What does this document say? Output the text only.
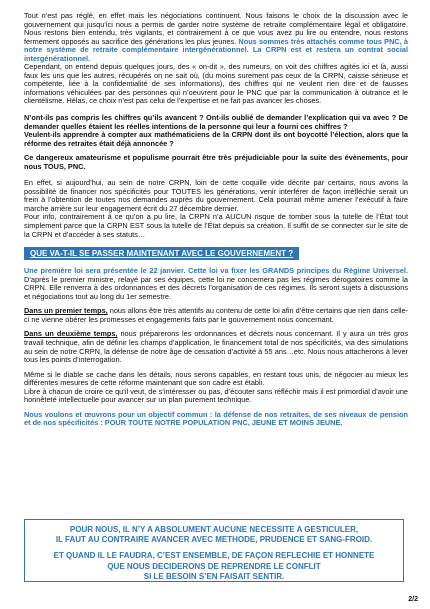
Tout n’est pas réglé, en effet mais les négociations continuent. Nous faisons le choix de la discussion avec le gouvernement qui jusqu’ici nous a permis de garder notre système de retraite complémentaire légal et obligatoire. Nous restons bien entendu, très vigilants, et contrairement à ce que vous avez pu lire ou entendre, nous restons fermement opposés au sacrifice des générations les plus jeunes. Nous sommes très attachés comme tous PNC, à notre système de retraite complémentaire intergénérationnel. La CRPN est et restera un contrat social intergénérationnel.

Cependant, on entend depuis quelques jours, des « on-dit », des rumeurs, on voit des chiffres agités ici et là, aussi faux les uns que les autres, récupérés on ne sait où, (du moins surement pas ceux de la CRPN, caisse sérieuse et compétente, liée à la confidentialité de ses informations), des chiffres qui ne veulent rien dire et de fausses informations véhiculées par des personnes qui n’oeuvrent pour le PNC que par la communication à outrance et le clientélisme. Hélas, ce choix n’est pas celui de l’expertise et ne fait pas avancer les choses.

N’ont-ils pas compris les chiffres qu’ils avancent ? Ont-ils oublié de demander l’explication qui va avec ? De demander quelles étaient les réelles intentions de la personne qui leur a fourni ces chiffres ?

Veulent-ils apprendre à compter aux mathématiciens de la CRPN dont ils ont boycotté l’élection, alors que la réforme des retraites était déjà annoncée ?

Ce dangereux amateurisme et populisme pourrait être très préjudiciable pour la suite des évènements, pour nous TOUS, PNC.

En effet, si aujourd’hui, au sein de notre CRPN, loin de cette coquille vide décrite par certains, nous avons la possibilité de financer nos spécificités pour TOUTES les générations, venir interférer de façon irréfléchie serait un frein à l’obtention de toutes nos demandes auprès du gouvernement. Cela pourrait même amener l’exécutif à faire marche arrière sur leur engagement écrit du 27 décembre dernier.

Pour info, contrairement à ce qu’on a pu lire, la CRPN n’a AUCUN risque de tomber sous la tutelle de l’État tout simplement parce que la CRPN EST sous la tutelle de l’État depuis sa création. Il suffit de se connecter sur le site de la CRPN et d’accéder à ses statuts…

QUE VA-T-IL SE PASSER MAINTENANT AVEC LE GOUVERNEMENT ?

Une première loi sera présentée le 22 janvier. Cette loi va fixer les GRANDS principes du Régime Universel. D’après le premier ministre, relayé par ses équipes, cette loi ne concernera pas les régimes dérogatoires comme la CRPN. Elle renverra à des ordonnances et des décrets l’organisation de ces régimes. Ils seront sujets à discussions et négociations tout au long du 1er semestre.

Dans un premier temps, nous allons être très attentifs au contenu de cette loi afin d’être certains que rien dans celle-ci ne vienne obérer les promesses et engagements faits par le gouvernement nous concernant.

Dans un deuxième temps, nous préparerons les ordonnances et décrets nous concernant. Il y aura un très gros travail technique, afin de définir les champs d’application, le financement total de nos spécificités, via des simulations au sein de notre CRPN, la défense de notre âge de cessation d’activité à 55 ans…etc. Nous nous attacherons à lever tous les points d’interrogation.

Même si le diable se cache dans les détails, nous serons capables, en restant tous unis, de négocier au mieux les différentes mesures de cette réforme maintenant que son cadre est établi.

Libre à chacun de croire ce qu’il veut, de s’intéresser ou pas, d’écouter sans réfléchir mais il est primordial d’avoir une honnêteté intellectuelle pour avancer sur un plan purement technique.

Nous voulons et œuvrons pour un objectif commun : la défense de nos retraites, de ses niveaux de pension et de nos spécificités : POUR TOUTE NOTRE POPULATION PNC, JEUNE ET MOINS JEUNE.

POUR NOUS, IL N’Y A ABSOLUMENT AUCUNE NECESSITE A GESTICULER,
IL FAUT AU CONTRAIRE AVANCER AVEC METHODE, PRUDENCE ET SANG-FROID.
ET QUAND IL LE FAUDRA, C’EST ENSEMBLE, DE FAÇON REFLECHIE ET HONNETE
QUE NOUS DECIDERONS DE REPRENDRE LE CONFLIT
SI LE BESOIN S’EN FAISAIT SENTIR.
2/2
